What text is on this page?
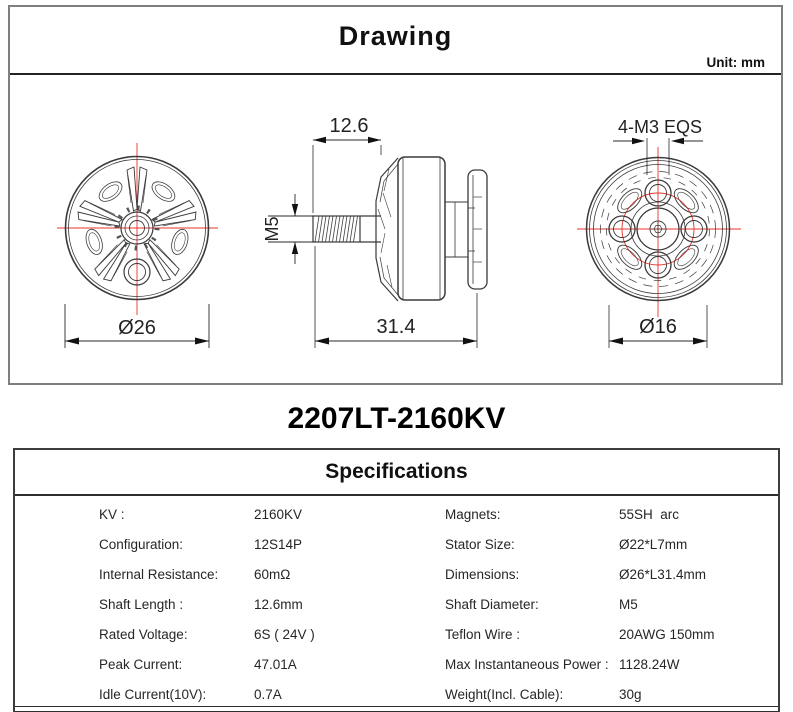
Drawing
Unit: mm
Ø26
12.6
M5
31.4
4-M3 EQS
Ø16
2207LT-2160KV
Specifications
KV :	2160KV	Magnets:	55SH  arc
Configuration:	12S14P	Stator Size:	Ø22*L7mm
Internal Resistance:	60mΩ	Dimensions:	Ø26*L31.4mm
Shaft Length :	12.6mm	Shaft Diameter:	M5
Rated Voltage:	6S ( 24V )	Teflon Wire :	20AWG 150mm
Peak Current:	47.01A	Max Instantaneous Power : 1128.24W
Idle Current(10V):	0.7A	Weight(Incl. Cable):	30g
